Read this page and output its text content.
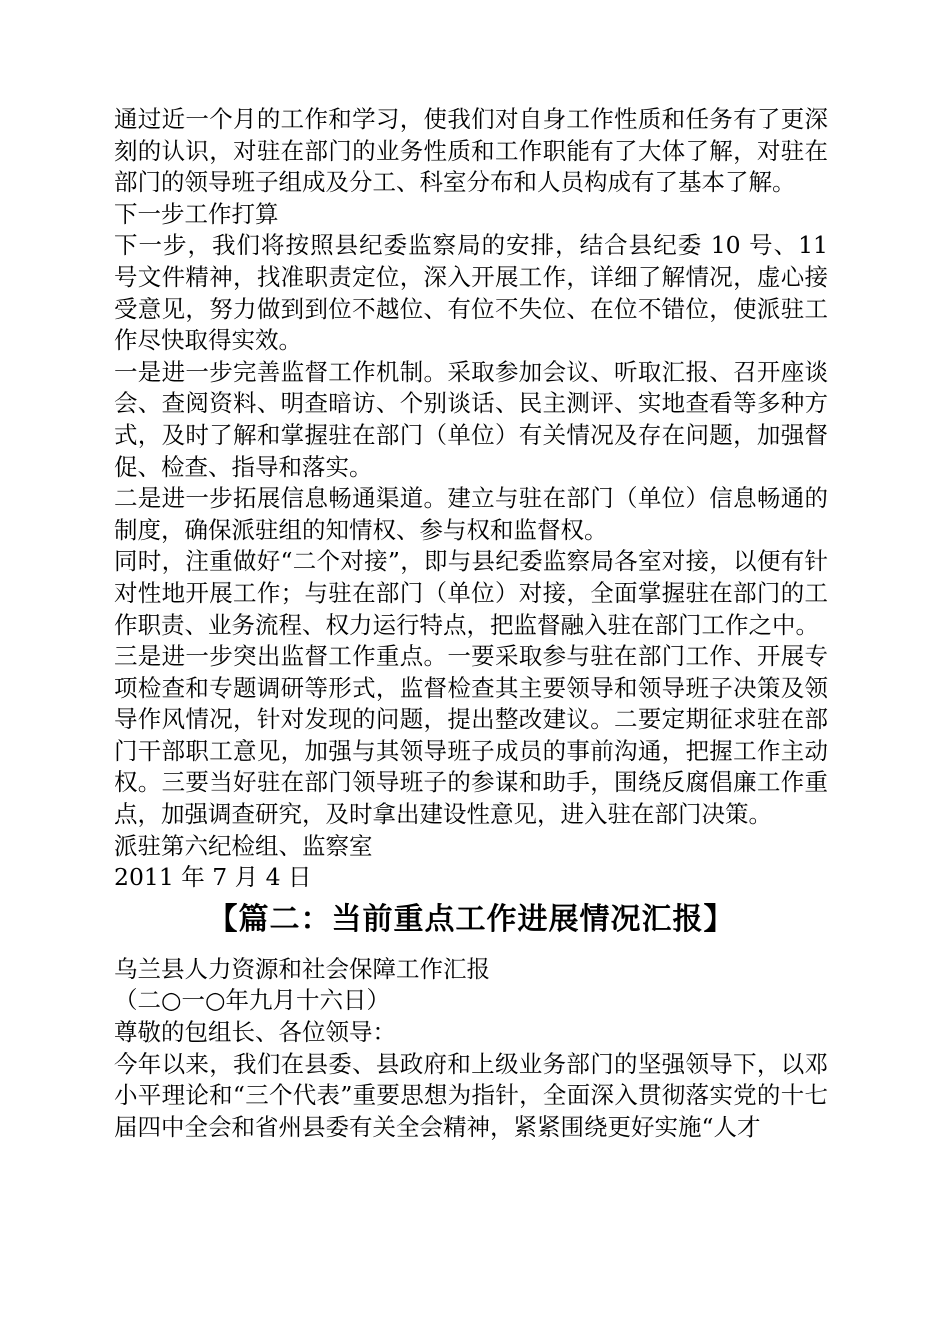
通过近一个月的工作和学习，使我们对自身工作性质和任务有了更深刻的认识，对驻在部门的业务性质和工作职能有了大体了解，对驻在部门的领导班子组成及分工、科室分布和人员构成有了基本了解。

下一步工作打算

下一步，我们将按照县纪委监察局的安排，结合县纪委 10 号、11 号文件精神，找准职责定位，深入开展工作，详细了解情况，虚心接受意见，努力做到到位不越位、有位不失位、在位不错位，使派驻工作尽快取得实效。

一是进一步完善监督工作机制。采取参加会议、听取汇报、召开座谈会、查阅资料、明查暗访、个别谈话、民主测评、实地查看等多种方式，及时了解和掌握驻在部门（单位）有关情况及存在问题，加强督促、检查、指导和落实。

二是进一步拓展信息畅通渠道。建立与驻在部门（单位）信息畅通的制度，确保派驻组的知情权、参与权和监督权。

同时，注重做好“二个对接”，即与县纪委监察局各室对接，以便有针对性地开展工作；与驻在部门（单位）对接，全面掌握驻在部门的工作职责、业务流程、权力运行特点，把监督融入驻在部门工作之中。

三是进一步突出监督工作重点。一要采取参与驻在部门工作、开展专项检查和专题调研等形式，监督检查其主要领导和领导班子决策及领导作风情况，针对发现的问题，提出整改建议。二要定期征求驻在部门干部职工意见，加强与其领导班子成员的事前沟通，把握工作主动权。三要当好驻在部门领导班子的参谋和助手，围绕反腐倡廉工作重点，加强调查研究，及时拿出建设性意见，进入驻在部门决策。

派驻第六纪检组、监察室

2011 年 7 月 4 日

【篇二：当前重点工作进展情况汇报】

乌兰县人力资源和社会保障工作汇报

（二○一○年九月十六日）

尊敬的包组长、各位领导：

今年以来，我们在县委、县政府和上级业务部门的坚强领导下，以邓小平理论和“三个代表”重要思想为指针，全面深入贯彻落实党的十七届四中全会和省州县委有关全会精神，紧紧围绕更好实施“人才
